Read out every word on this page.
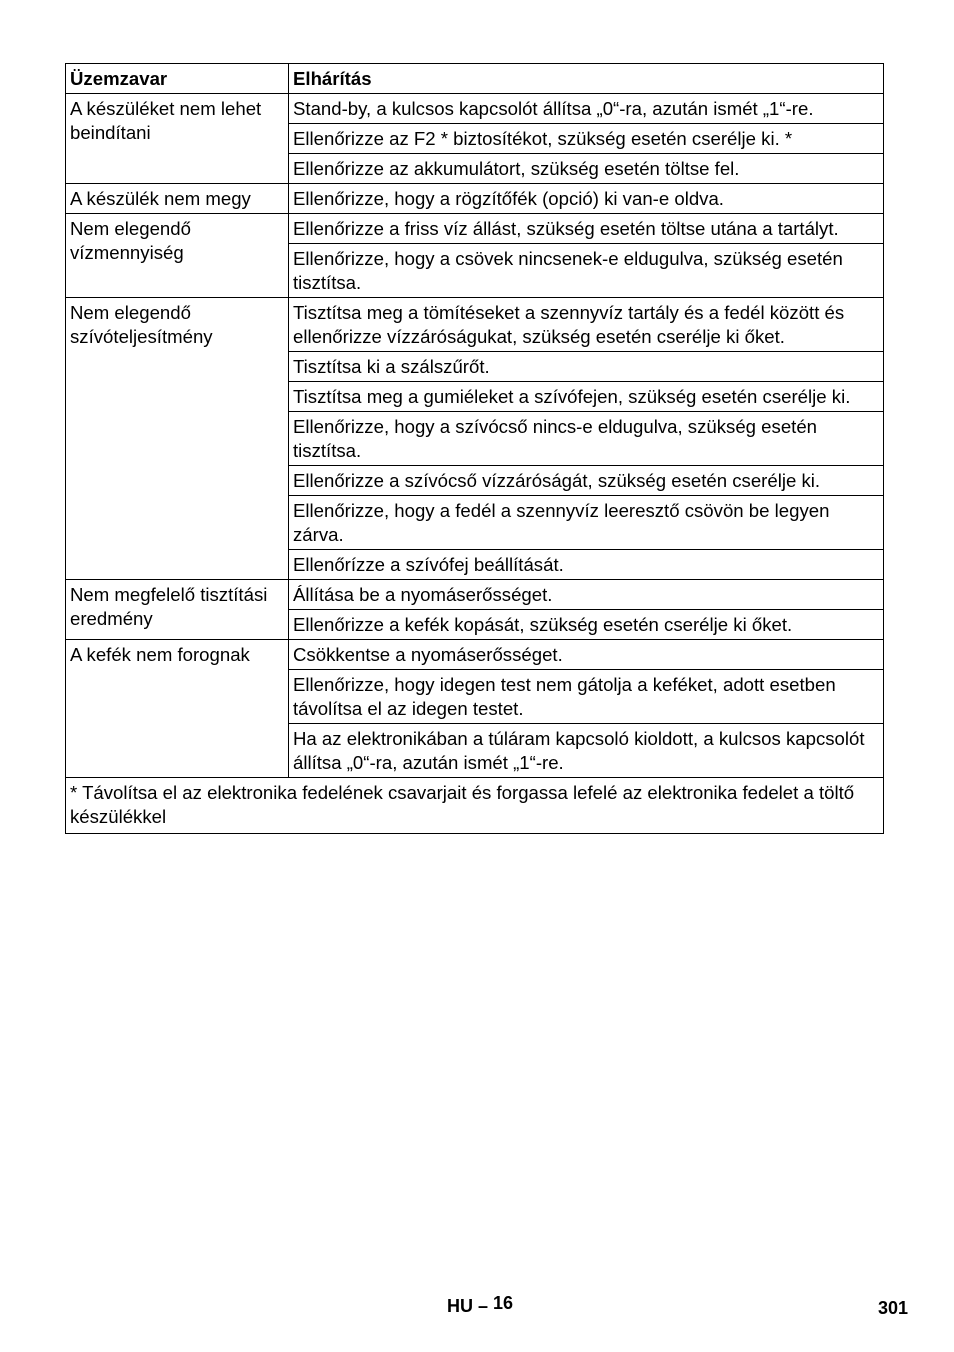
Üzemzavar	Elhárítás
A készüléket nem lehet beindítani	Stand-by, a kulcsos kapcsolót állítsa „0“-ra, azután ismét „1“-re.
	Ellenőrizze az F2 * biztosítékot, szükség esetén cserélje ki. *
	Ellenőrizze az akkumulátort, szükség esetén töltse fel.
A készülék nem megy	Ellenőrizze, hogy a rögzítőfék (opció) ki van-e oldva.
Nem elegendő vízmennyiség	Ellenőrizze a friss víz állást, szükség esetén töltse utána a tartályt.
	Ellenőrizze, hogy a csövek nincsenek-e eldugulva, szükség esetén tisztítsa.
Nem elegendő szívóteljesítmény	Tisztítsa meg a tömítéseket a szennyvíz tartály és a fedél között és ellenőrizze vízzáróságukat, szükség esetén cserélje ki őket.
	Tisztítsa ki a szálszűrőt.
	Tisztítsa meg a gumiéleket a szívófejen, szükség esetén cserélje ki.
	Ellenőrizze, hogy a szívócső nincs-e eldugulva, szükség esetén tisztítsa.
	Ellenőrizze a szívócső vízzáróságát, szükség esetén cserélje ki.
	Ellenőrizze, hogy a fedél a szennyvíz leeresztő csövön be legyen zárva.
	Ellenőrízze a szívófej beállítását.
Nem megfelelő tisztítási eredmény	Állítása be a nyomáserősséget.
	Ellenőrizze a kefék kopását, szükség esetén cserélje ki őket.
A kefék nem forognak	Csökkentse a nyomáserősséget.
	Ellenőrizze, hogy idegen test nem gátolja a keféket, adott esetben távolítsa el az idegen testet.
	Ha az elektronikában a túláram kapcsoló kioldott, a kulcsos kapcsolót állítsa „0“-ra, azután ismét „1“-re.
* Távolítsa el az elektronika fedelének csavarjait és forgassa lefelé az elektronika fedelet a töltő készülékkel	
HU – 16	301
